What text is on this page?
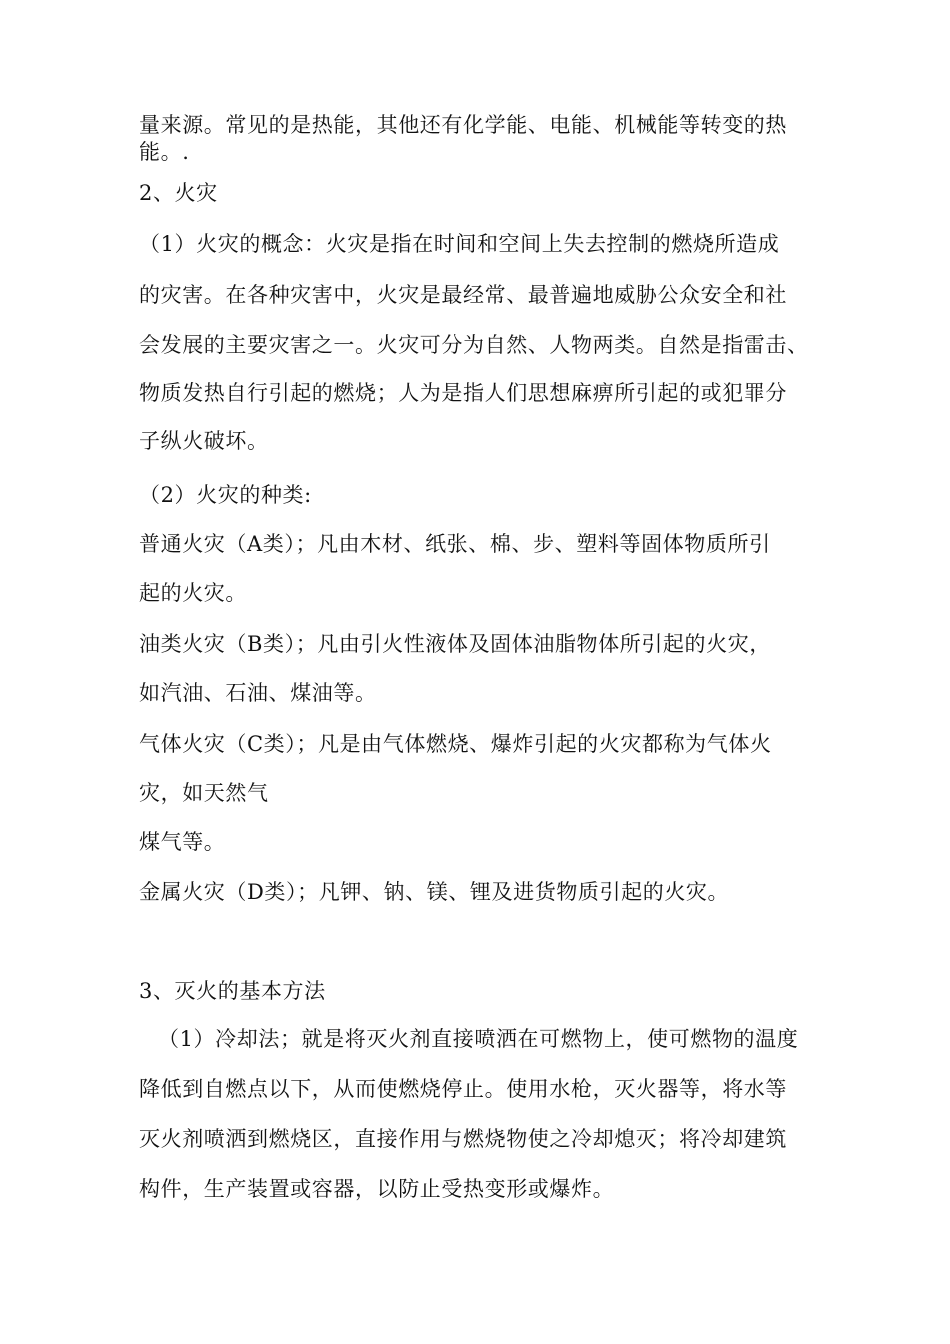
量来源。常见的是热能，其他还有化学能、电能、机械能等转变的热
能。.
2、火灾
（1）火灾的概念：火灾是指在时间和空间上失去控制的燃烧所造成
的灾害。在各种灾害中，火灾是最经常、最普遍地威胁公众安全和社
会发展的主要灾害之一。火灾可分为自然、人物两类。自然是指雷击、
物质发热自行引起的燃烧；人为是指人们思想麻痹所引起的或犯罪分
子纵火破坏。
（2）火灾的种类:
普通火灾（A类）；凡由木材、纸张、棉、步、塑料等固体物质所引
起的火灾。
油类火灾（B类）；凡由引火性液体及固体油脂物体所引起的火灾，
如汽油、石油、煤油等。
气体火灾（C类）；凡是由气体燃烧、爆炸引起的火灾都称为气体火
灾，如天然气
煤气等。
金属火灾（D类）；凡钾、钠、镁、锂及进货物质引起的火灾。
3、灭火的基本方法
（1）冷却法；就是将灭火剂直接喷洒在可燃物上，使可燃物的温度
降低到自燃点以下，从而使燃烧停止。使用水枪，灭火器等，将水等
灭火剂喷洒到燃烧区，直接作用与燃烧物使之冷却熄灭；将冷却建筑
构件，生产装置或容器，以防止受热变形或爆炸。
